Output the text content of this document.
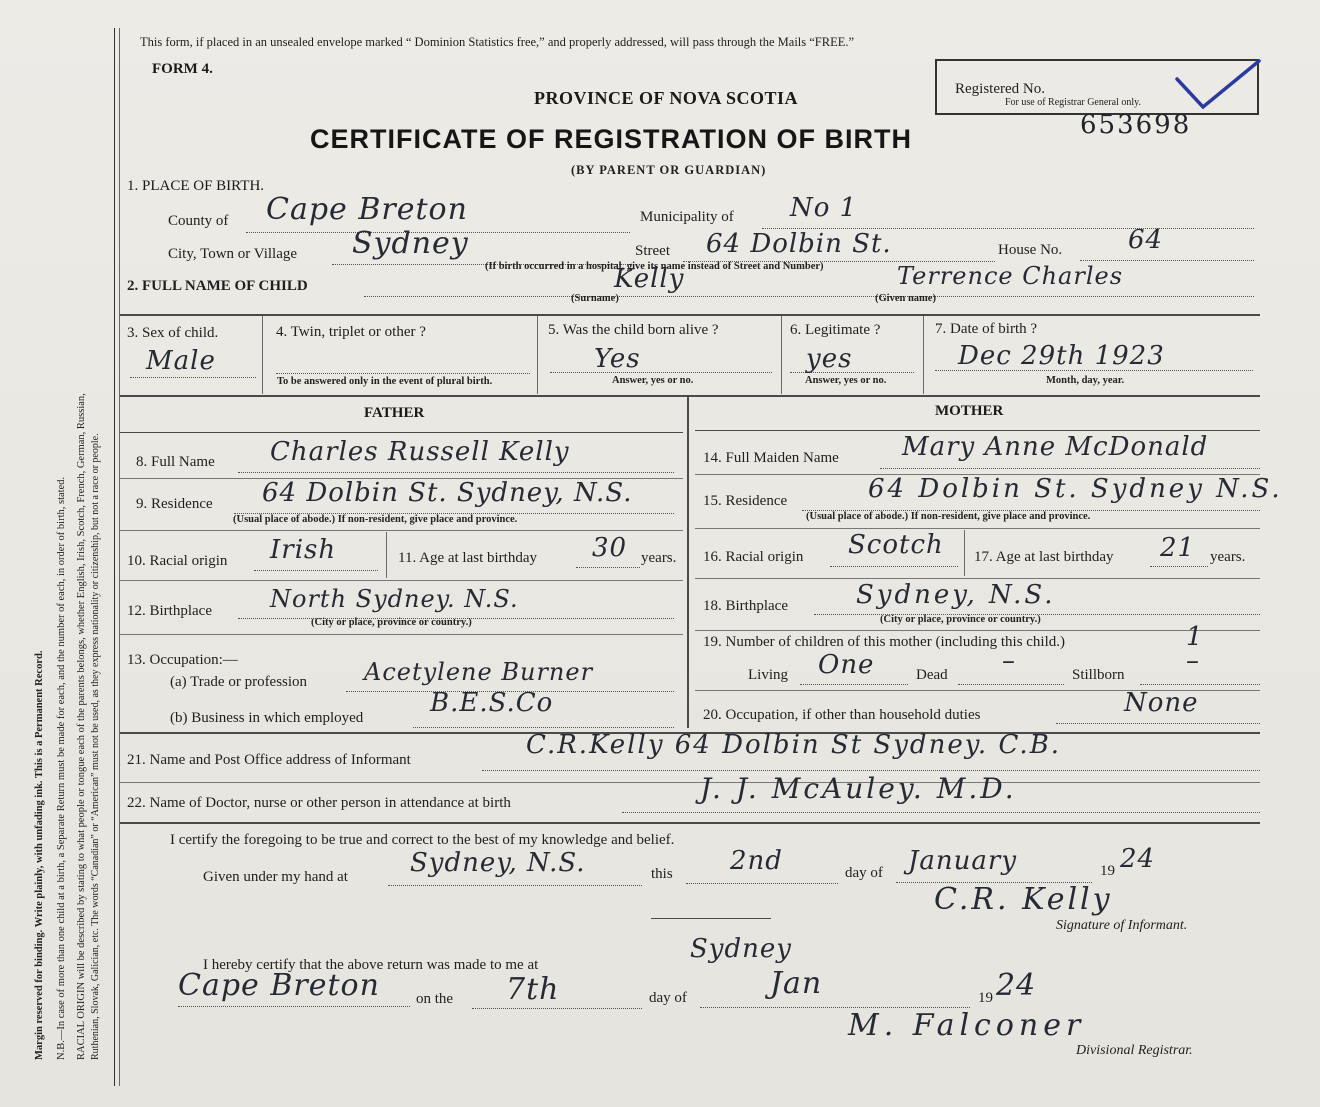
Margin reserved for binding. Write plainly, with unfading ink. This is a Permanent Record. N.B.—In case of more than one child at a birth, a Separate Return must be made for each, and the number of each, in order of birth, stated. RACIAL ORIGIN will be described by stating to what people or tongue each of the parents belongs, whether English, Irish, Scotch, French, German, Russian, Ruthenian, Slovak, Galician, etc. The words “Canadian” or “American” must not be used, as they express nationality or citizenship, but not a race or people.
This form, if placed in an unsealed envelope marked “ Dominion Statistics free,” and properly addressed, will pass through the Mails “FREE.”
FORM 4.
PROVINCE OF NOVA SCOTIA
CERTIFICATE OF REGISTRATION OF BIRTH
(BY PARENT OR GUARDIAN)
Registered No.
For use of Registrar General only.
653698
1. PLACE OF BIRTH.
County of Cape Breton	Municipality of No 1
City, Town or Village Sydney	Street 64 Dolbin St.	House No.	64
(If birth occurred in a hospital, give its name instead of Street and Number)
2. FULL NAME OF CHILD	Kelly
(Surname)
Terrence Charles
(Given name)
3. Sex of child.
Male
4. Twin, triplet or other ?
To be answered only in the event of plural birth.
5. Was the child born alive ?
Yes
Answer, yes or no.
6. Legitimate ?
yes
Answer, yes or no.
7. Date of birth ?
Dec 29th 1923
Month, day, year.
FATHER	MOTHER
8. Full Name Charles Russell Kelly	14. Full Maiden Name Mary Anne McDonald
9. Residence 64 Dolbin St. Sydney, N.S.
(Usual place of abode.) If non-resident, give place and province.
15. Residence	64 Dolbin St. Sydney N.S.
(Usual place of abode.) If non-resident, give place and province.
10. Racial origin Irish	11. Age at last birthday 30 years. 16. Racial origin Scotch 17. Age at last birthday 21 years.
12. Birthplace North Sydney. N.S.
(City or place, province or country.)
18. Birthplace	Sydney, N.S.
(City or place, province or country.)
13. Occupation:—
(a) Trade or profession Acetylene Burner
(b) Business in which employed	B.E.S.Co
19. Number of children of this mother (including this child.)	1
Living One	Dead –	Stillborn –
20. Occupation, if other than household duties	None
21. Name and Post Office address of Informant	C.R.Kelly 64 Dolbin St Sydney. C.B.
22. Name of Doctor, nurse or other person in attendance at birth	J. J. McAuley. M.D.
I certify the foregoing to be true and correct to the best of my knowledge and belief.
Given under my hand at Sydney, N.S.	this 2nd	day of January	19 24
C.R. Kelly
Signature of Informant.
I hereby certify that the above return was made to me at
Sydney
Cape Breton on the 7th	day of	Jan	19 24
M. Falconer
Divisional Registrar.
